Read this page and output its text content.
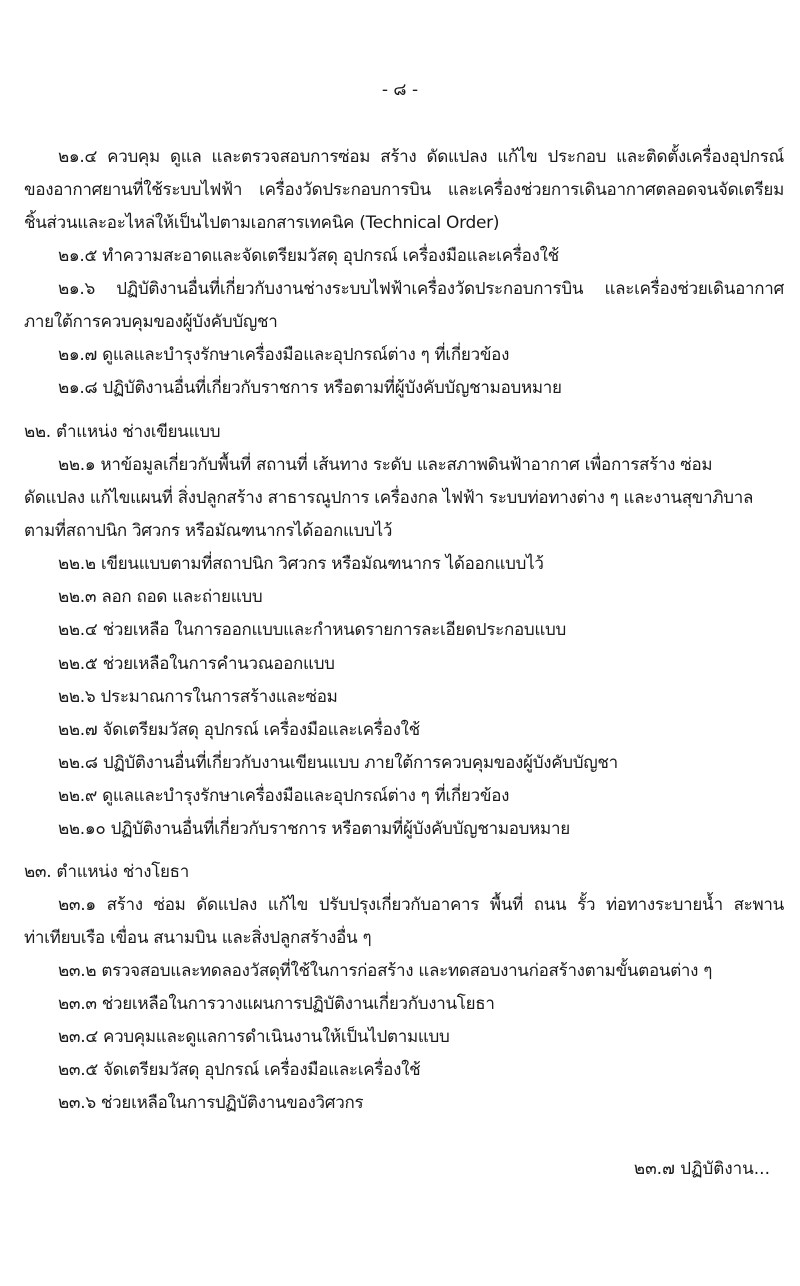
- ๘ -
๒๑.๔ ควบคุม ดูแล และตรวจสอบการซ่อม สร้าง ดัดแปลง แก้ไข ประกอบ และติดตั้งเครื่องอุปกรณ์
ของอากาศยานที่ใช้ระบบไฟฟ้า เครื่องวัดประกอบการบิน และเครื่องช่วยการเดินอากาศตลอดจนจัดเตรียม
ชิ้นส่วนและอะไหล่ให้เป็นไปตามเอกสารเทคนิค (Technical Order)
๒๑.๕ ทำความสะอาดและจัดเตรียมวัสดุ อุปกรณ์ เครื่องมือและเครื่องใช้
๒๑.๖ ปฏิบัติงานอื่นที่เกี่ยวกับงานช่างระบบไฟฟ้าเครื่องวัดประกอบการบิน และเครื่องช่วยเดินอากาศ
ภายใต้การควบคุมของผู้บังคับบัญชา
๒๑.๗ ดูแลและบำรุงรักษาเครื่องมือและอุปกรณ์ต่าง ๆ ที่เกี่ยวข้อง
๒๑.๘ ปฏิบัติงานอื่นที่เกี่ยวกับราชการ หรือตามที่ผู้บังคับบัญชามอบหมาย
๒๒. ตำแหน่ง ช่างเขียนแบบ
๒๒.๑ หาข้อมูลเกี่ยวกับพื้นที่ สถานที่ เส้นทาง ระดับ และสภาพดินฟ้าอากาศ เพื่อการสร้าง ซ่อม
ดัดแปลง แก้ไขแผนที่ สิ่งปลูกสร้าง สาธารณูปการ เครื่องกล ไฟฟ้า ระบบท่อทางต่าง ๆ และงานสุขาภิบาล
ตามที่สถาปนิก วิศวกร หรือมัณฑนากรได้ออกแบบไว้
๒๒.๒ เขียนแบบตามที่สถาปนิก วิศวกร หรือมัณฑนากร ได้ออกแบบไว้
๒๒.๓ ลอก ถอด และถ่ายแบบ
๒๒.๔ ช่วยเหลือ ในการออกแบบและกำหนดรายการละเอียดประกอบแบบ
๒๒.๕ ช่วยเหลือในการคำนวณออกแบบ
๒๒.๖ ประมาณการในการสร้างและซ่อม
๒๒.๗ จัดเตรียมวัสดุ อุปกรณ์ เครื่องมือและเครื่องใช้
๒๒.๘ ปฏิบัติงานอื่นที่เกี่ยวกับงานเขียนแบบ ภายใต้การควบคุมของผู้บังคับบัญชา
๒๒.๙ ดูแลและบำรุงรักษาเครื่องมือและอุปกรณ์ต่าง ๆ ที่เกี่ยวข้อง
๒๒.๑๐ ปฏิบัติงานอื่นที่เกี่ยวกับราชการ หรือตามที่ผู้บังคับบัญชามอบหมาย
๒๓. ตำแหน่ง ช่างโยธา
๒๓.๑ สร้าง ซ่อม ดัดแปลง แก้ไข ปรับปรุงเกี่ยวกับอาคาร พื้นที่ ถนน รั้ว ท่อทางระบายน้ำ สะพาน
ท่าเทียบเรือ เขื่อน สนามบิน และสิ่งปลูกสร้างอื่น ๆ
๒๓.๒ ตรวจสอบและทดลองวัสดุที่ใช้ในการก่อสร้าง และทดสอบงานก่อสร้างตามขั้นตอนต่าง ๆ
๒๓.๓ ช่วยเหลือในการวางแผนการปฏิบัติงานเกี่ยวกับงานโยธา
๒๓.๔ ควบคุมและดูแลการดำเนินงานให้เป็นไปตามแบบ
๒๓.๕ จัดเตรียมวัสดุ อุปกรณ์ เครื่องมือและเครื่องใช้
๒๓.๖ ช่วยเหลือในการปฏิบัติงานของวิศวกร
๒๓.๗ ปฏิบัติงาน...
